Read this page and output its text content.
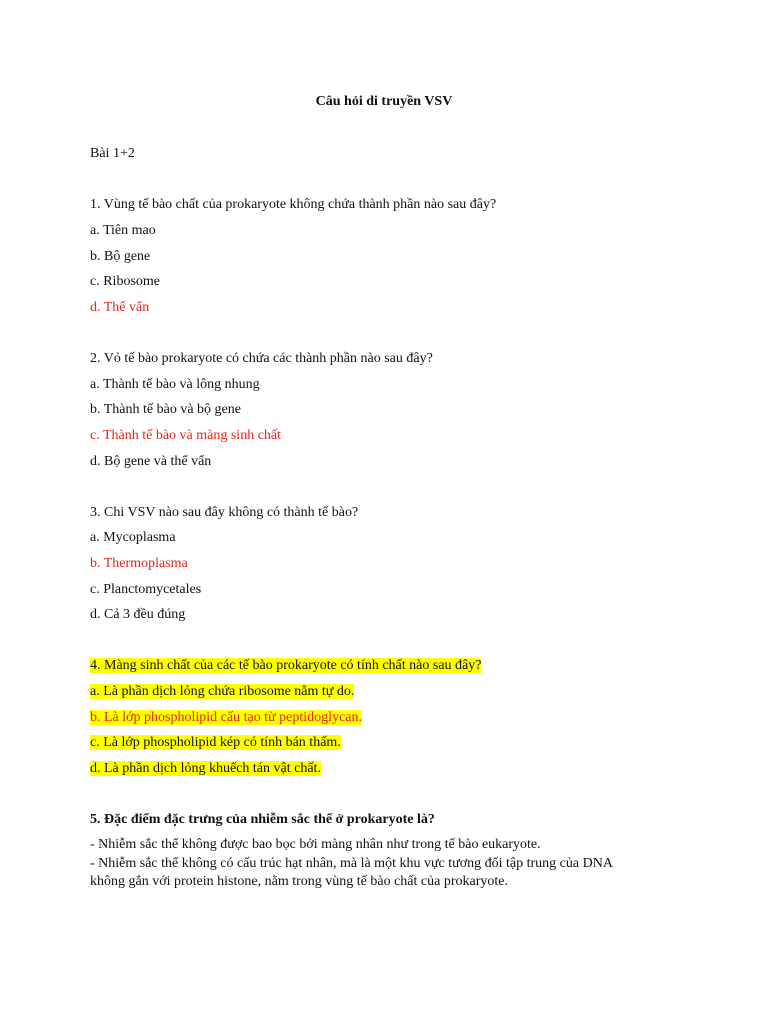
Câu hỏi di truyền VSV
Bài 1+2
1. Vùng tế bào chất của prokaryote không chứa thành phần nào sau đây?
a. Tiên mao
b. Bộ gene
c. Ribosome
d. Thể vẩn
2. Vỏ tế bào prokaryote có chứa các thành phần nào sau đây?
a. Thành tế bào và lông nhung
b. Thành tế bào và bộ gene
c. Thành tế bào và màng sinh chất
d. Bộ gene và thể vẩn
3. Chi VSV nào sau đây không có thành tế bào?
a. Mycoplasma
b. Thermoplasma
c. Planctomycetales
d. Cả 3 đều đúng
4. Màng sinh chất của các tế bào prokaryote có tính chất nào sau đây?
a. Là phần dịch lỏng chứa ribosome nằm tự do.
b. Là lớp phospholipid cấu tạo từ peptidoglycan.
c. Là lớp phospholipid kép có tính bán thấm.
d. Là phần dịch lỏng khuếch tán vật chất.
5. Đặc điểm đặc trưng của nhiễm sắc thể ở prokaryote là?
- Nhiễm sắc thể không được bao bọc bởi màng nhân như trong tế bào eukaryote.
- Nhiễm sắc thể không có cấu trúc hạt nhân, mà là một khu vực tương đối tập trung của DNA
không gắn với protein histone, nằm trong vùng tế bào chất của prokaryote.
